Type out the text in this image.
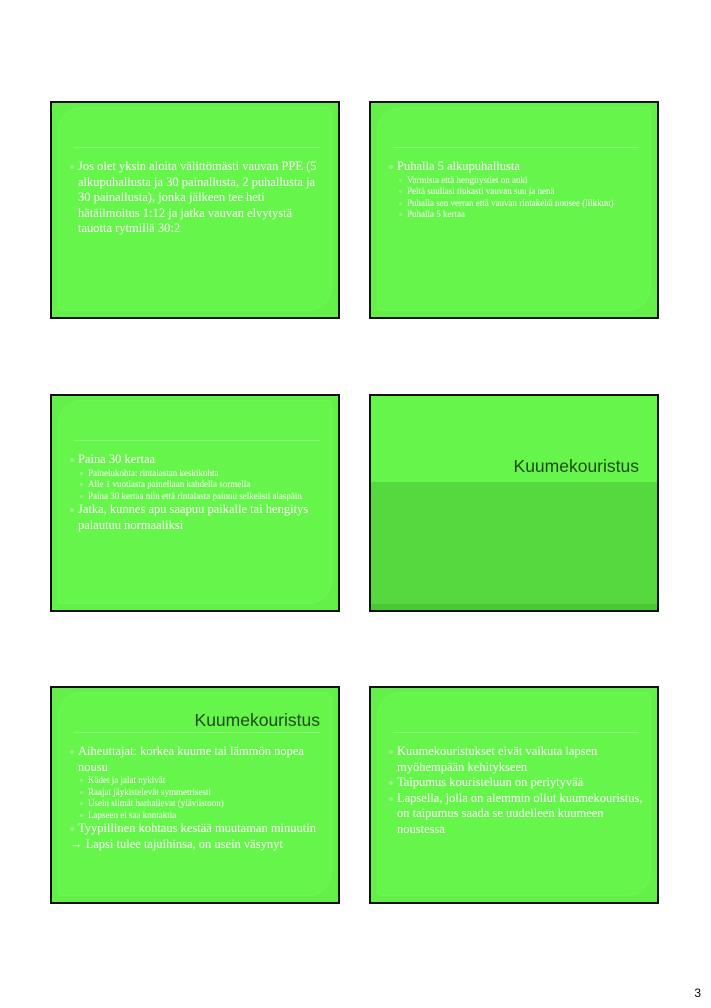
Jos olet yksin aloita välittömästi vauvan PPE (5 alkupuhallusta ja 30 painallusta, 2 puhallusta ja 30 painallusta), jonka jälkeen tee heti hätäilmoitus 1:12 ja jatka vauvan elvytystä tauotta rytmillä 30:2
Puhalla 5 alkupuhallusta
Varmista että hengitystiet on auki
Peitä suullasi tiukasti vauvan suu ja nenä
Puhalla sen verran että vauvan rintakehä nousee (liikkuu)
Puhalla 5 kertaa
Paina 30 kertaa
Painelukohta: rintalastan keskikohta
Alle 1 vuotiasta painellaan kahdella sormella
Paina 30 kertaa niin että rintalasta painuu selkeästi alaspäin
Jatka, kunnes apu saapuu paikalle tai hengitys palautuu normaaliksi
Kuumekouristus
Kuumekouristus
Aiheuttajat: korkea kuume tai lämmön nopea nousu
Kädet ja jalat nykivät
Raajat jäykistelevät symmetrisesti
Usein silmät harhailevat (yläviistoon)
Lapseen ei saa kontaktia
Tyypillinen kohtaus kestää muutaman minuutin
→ Lapsi tulee tajuihinsa, on usein väsynyt
Kuumekouristukset eivät vaikuta lapsen myöhempään kehitykseen
Taipumus kouristeluun on periytyvää
Lapsella, jolla on alemmin ollut kuumekouristus, on taipumus saada se uudelleen kuumeen noustessa
3
